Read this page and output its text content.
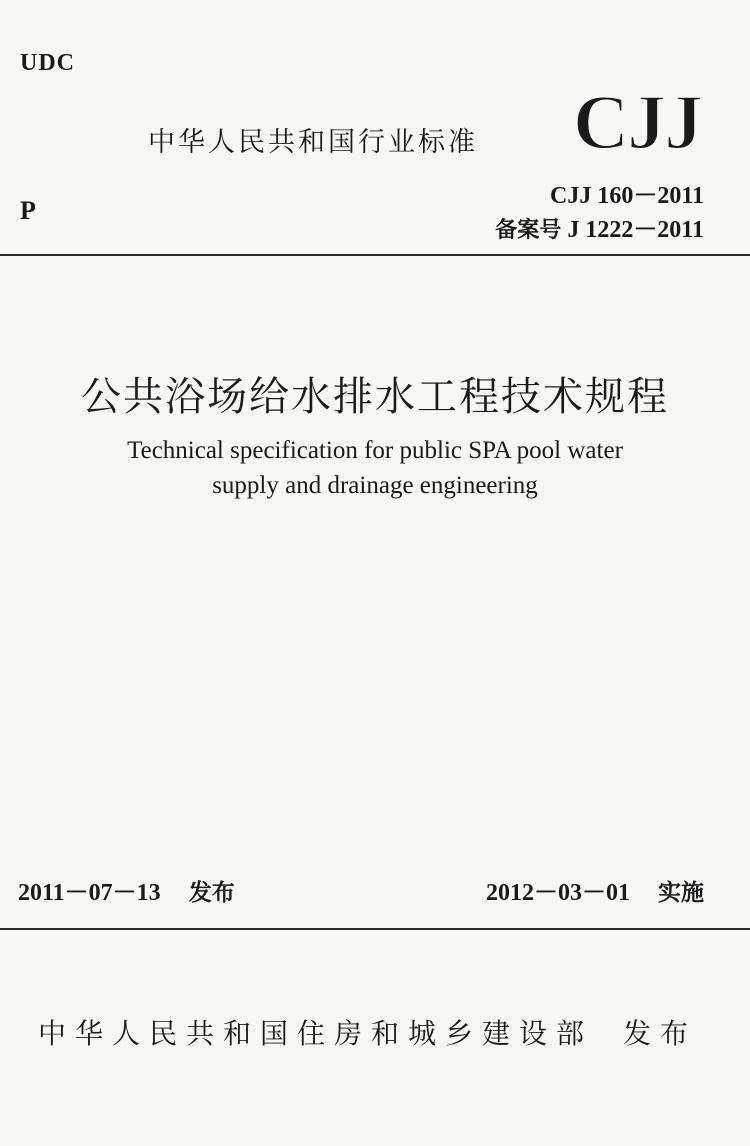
UDC
中华人民共和国行业标准 CJJ
CJJ 160－2011
P
备案号 J 1222－2011
公共浴场给水排水工程技术规程
Technical specification for public SPA pool water
supply and drainage engineering
2011－07－13 发布	2012－03－01 实施
中华人民共和国住房和城乡建设部 发布
